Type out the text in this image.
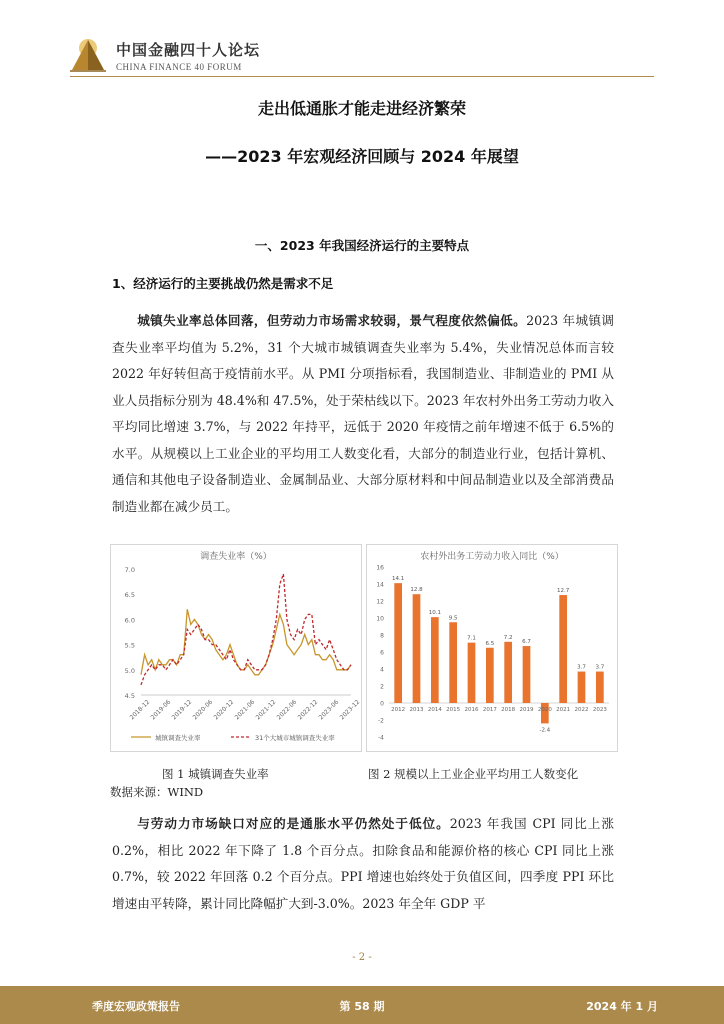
中国金融四十人论坛
CHINA FINANCE 40 FORUM
走出低通胀才能走进经济繁荣
——2023 年宏观经济回顾与 2024 年展望
一、2023 年我国经济运行的主要特点
1、经济运行的主要挑战仍然是需求不足
城镇失业率总体回落，但劳动力市场需求较弱，景气程度依然偏低。2023 年城镇调查失业率平均值为 5.2%，31 个大城市城镇调查失业率为 5.4%，失业情况总体而言较 2022 年好转但高于疫情前水平。从 PMI 分项指标看，我国制造业、非制造业的 PMI 从业人员指标分别为 48.4%和 47.5%，处于荣枯线以下。2023 年农村外出务工劳动力收入平均同比增速 3.7%，与 2022 年持平，远低于 2020 年疫情之前年增速不低于 6.5%的水平。从规模以上工业企业的平均用工人数变化看，大部分的制造业行业，包括计算机、通信和其他电子设备制造业、金属制品业、大部分原材料和中间品制造业以及全部消费品制造业都在减少员工。
调查失业率（%）
4.5
5.0
5.5
6.0
6.5
7.0
2018-12
2019-06
2019-12
2020-06
2020-12
2021-06
2021-12
2022-06
2022-12
2023-06
2023-12
城镇调查失业率	31个大城市城镇调查失业率
农村外出务工劳动力收入同比（%）
-4
-2
0
2
4
6
8
10
12
14
16
14.1
2012
12.8
2013
10.1
2014
9.5
2015
7.1
2016
6.5
2017
7.2
2018
6.7
2019
-2.4
2020
12.7
2021
3.7
2022
3.7
2023
图 1 城镇调查失业率	图 2 规模以上工业企业平均用工人数变化
数据来源：WIND
与劳动力市场缺口对应的是通胀水平仍然处于低位。2023 年我国 CPI 同比上涨 0.2%，相比 2022 年下降了 1.8 个百分点。扣除食品和能源价格的核心 CPI 同比上涨 0.7%，较 2022 年回落 0.2 个百分点。PPI 增速也始终处于负值区间，四季度 PPI 环比增速由平转降，累计同比降幅扩大到-3.0%。2023 年全年 GDP 平
- 2 -
季度宏观政策报告	第 58 期	2024 年 1 月
